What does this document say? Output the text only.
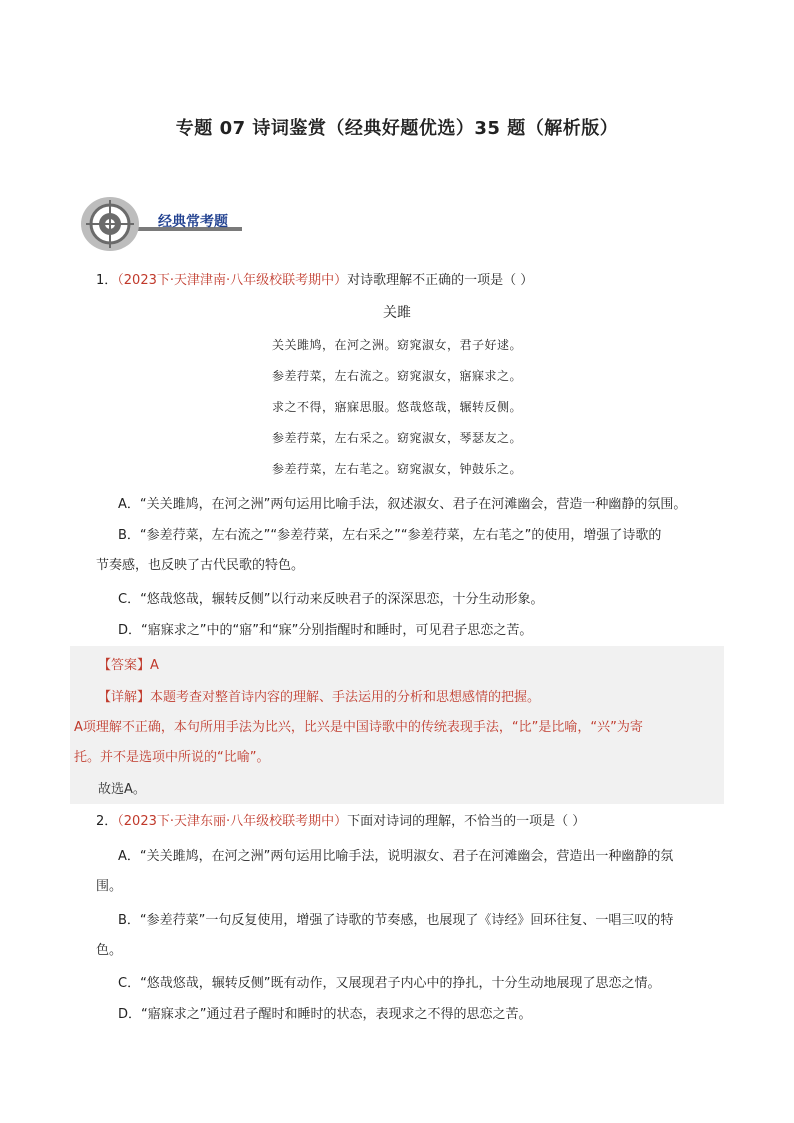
专题 07 诗词鉴赏（经典好题优选）35 题（解析版）
经典常考题
1．（2023下·天津津南·八年级校联考期中）对诗歌理解不正确的一项是（ ）
关雎
关关雎鸠，在河之洲。窈窕淑女，君子好逑。
参差荇菜，左右流之。窈窕淑女，寤寐求之。
求之不得，寤寐思服。悠哉悠哉，辗转反侧。
参差荇菜，左右采之。窈窕淑女，琴瑟友之。
参差荇菜，左右芼之。窈窕淑女，钟鼓乐之。
A．“关关雎鸠，在河之洲”两句运用比喻手法，叙述淑女、君子在河滩幽会，营造一种幽静的氛围。
B．“参差荇菜，左右流之”“参差荇菜，左右采之”“参差荇菜，左右芼之”的使用，增强了诗歌的
节奏感，也反映了古代民歌的特色。
C．“悠哉悠哉，辗转反侧”以行动来反映君子的深深思恋，十分生动形象。
D．“寤寐求之”中的“寤”和“寐”分别指醒时和睡时，可见君子思恋之苦。
【答案】A
【详解】本题考查对整首诗内容的理解、手法运用的分析和思想感情的把握。
A项理解不正确，本句所用手法为比兴，比兴是中国诗歌中的传统表现手法，“比”是比喻，“兴”为寄
托。并不是选项中所说的“比喻”。
故选A。
2．（2023下·天津东丽·八年级校联考期中）下面对诗词的理解，不恰当的一项是（ ）
A．“关关雎鸠，在河之洲”两句运用比喻手法，说明淑女、君子在河滩幽会，营造出一种幽静的氛
围。
B．“参差荇菜”一句反复使用，增强了诗歌的节奏感，也展现了《诗经》回环往复、一唱三叹的特
色。
C．“悠哉悠哉，辗转反侧”既有动作，又展现君子内心中的挣扎，十分生动地展现了思恋之情。
D．“寤寐求之”通过君子醒时和睡时的状态，表现求之不得的思恋之苦。
